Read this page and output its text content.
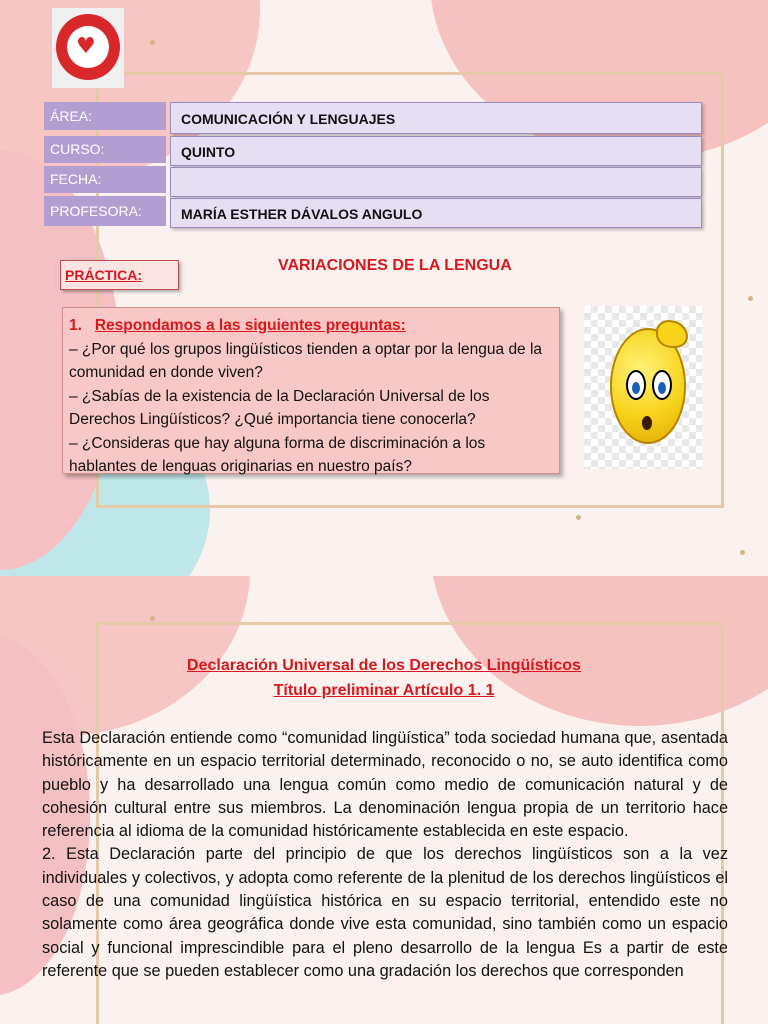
♥
ÁREA:	COMUNICACIÓN Y LENGUAJES
CURSO:	QUINTO
FECHA:
PROFESORA:	MARÍA ESTHER DÁVALOS ANGULO
PRÁCTICA:
VARIACIONES DE LA LENGUA
1. Respondamos a las siguientes preguntas:
– ¿Por qué los grupos lingüísticos tienden a optar por la lengua de la comunidad en donde viven?
– ¿Sabías de la existencia de la Declaración Universal de los Derechos Lingüísticos? ¿Qué importancia tiene conocerla?
– ¿Consideras que hay alguna forma de discriminación a los hablantes de lenguas originarias en nuestro país?
Declaración Universal de los Derechos Lingüísticos
Título preliminar Artículo 1. 1

Esta Declaración entiende como “comunidad lingüística” toda sociedad humana que, asentada históricamente en un espacio territorial determinado, reconocido o no, se auto identifica como pueblo y ha desarrollado una lengua común como medio de comunicación natural y de cohesión cultural entre sus miembros. La denominación lengua propia de un territorio hace referencia al idioma de la comunidad históricamente establecida en este espacio.

2. Esta Declaración parte del principio de que los derechos lingüísticos son a la vez individuales y colectivos, y adopta como referente de la plenitud de los derechos lingüísticos el caso de una comunidad lingüística histórica en su espacio territorial, entendido este no solamente como área geográfica donde vive esta comunidad, sino también como un espacio social y funcional imprescindible para el pleno desarrollo de la lengua Es a partir de este referente que se pueden establecer como una gradación los derechos que corresponden
